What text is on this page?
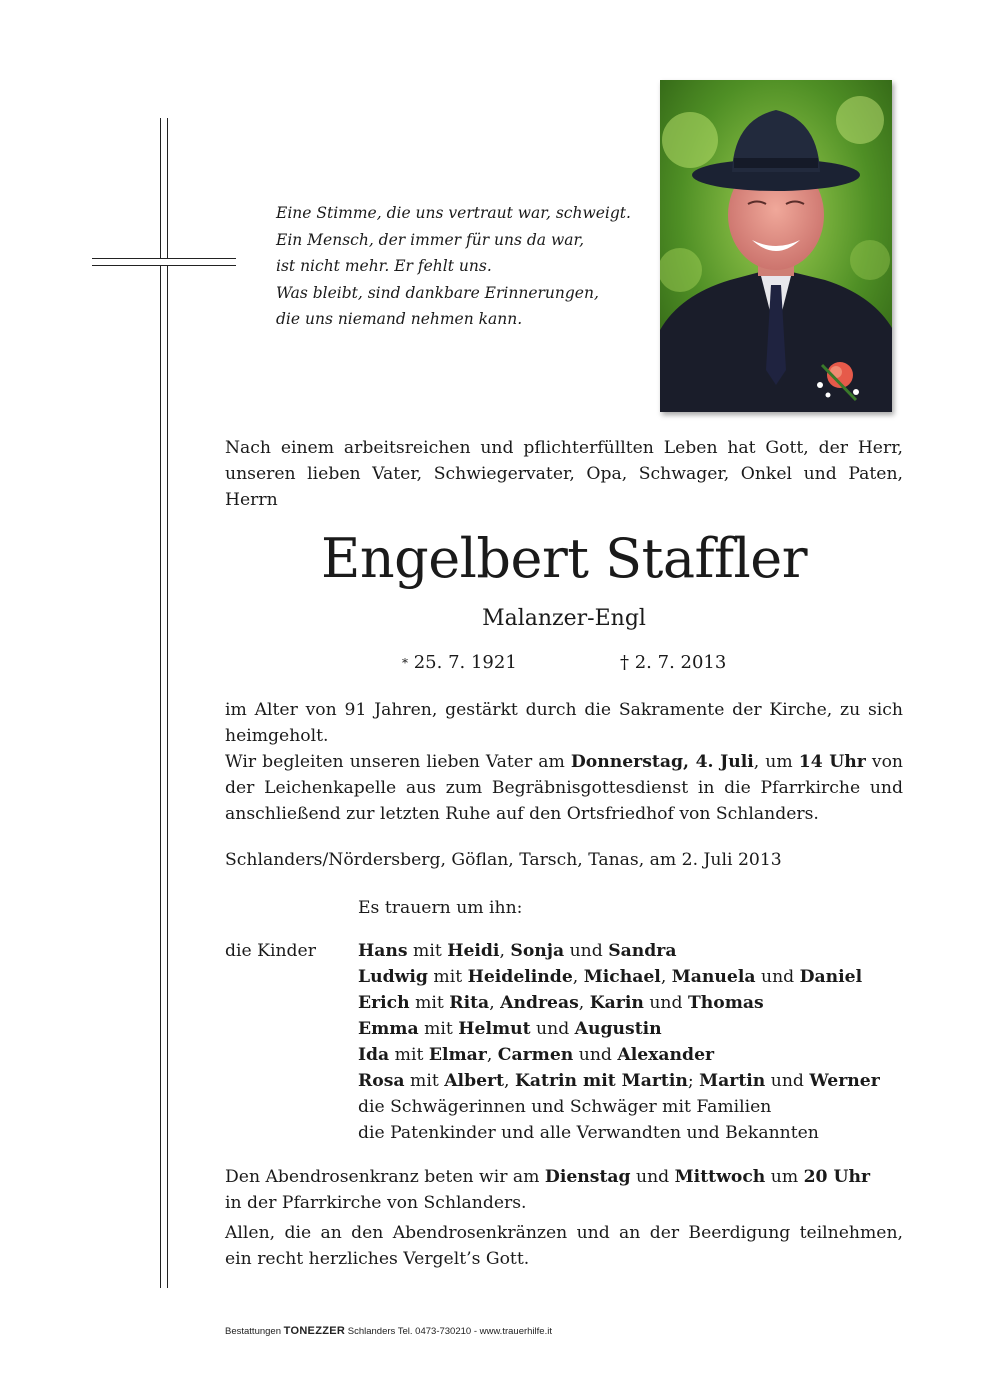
Eine Stimme, die uns vertraut war, schweigt.
Ein Mensch, der immer für uns da war,
ist nicht mehr. Er fehlt uns.
Was bleibt, sind dankbare Erinnerungen,
die uns niemand nehmen kann.
Nach einem arbeitsreichen und pflichterfüllten Leben hat Gott, der Herr,
unseren lieben Vater, Schwiegervater, Opa, Schwager, Onkel und Paten,
Herrn
Engelbert Staffler
Malanzer-Engl
* 25. 7. 1921	† 2. 7. 2013
im Alter von 91 Jahren, gestärkt durch die Sakramente der Kirche, zu sich
heimgeholt.
Wir begleiten unseren lieben Vater am Donnerstag, 4. Juli, um 14 Uhr von
der Leichenkapelle aus zum Begräbnisgottesdienst in die Pfarrkirche und
anschließend zur letzten Ruhe auf den Ortsfriedhof von Schlanders.
Schlanders/Nördersberg, Göflan, Tarsch, Tanas, am 2. Juli 2013
Es trauern um ihn:
die Kinder Hans mit Heidi, Sonja und Sandra
Ludwig mit Heidelinde, Michael, Manuela und Daniel
Erich mit Rita, Andreas, Karin und Thomas
Emma mit Helmut und Augustin
Ida mit Elmar, Carmen und Alexander
Rosa mit Albert, Katrin mit Martin; Martin und Werner
die Schwägerinnen und Schwäger mit Familien
die Patenkinder und alle Verwandten und Bekannten
Den Abendrosenkranz beten wir am Dienstag und Mittwoch um 20 Uhr
in der Pfarrkirche von Schlanders.
Allen, die an den Abendrosenkränzen und an der Beerdigung teilnehmen,
ein recht herzliches Vergelt’s Gott.
Bestattungen TONEZZER Schlanders Tel. 0473-730210 - www.trauerhilfe.it
